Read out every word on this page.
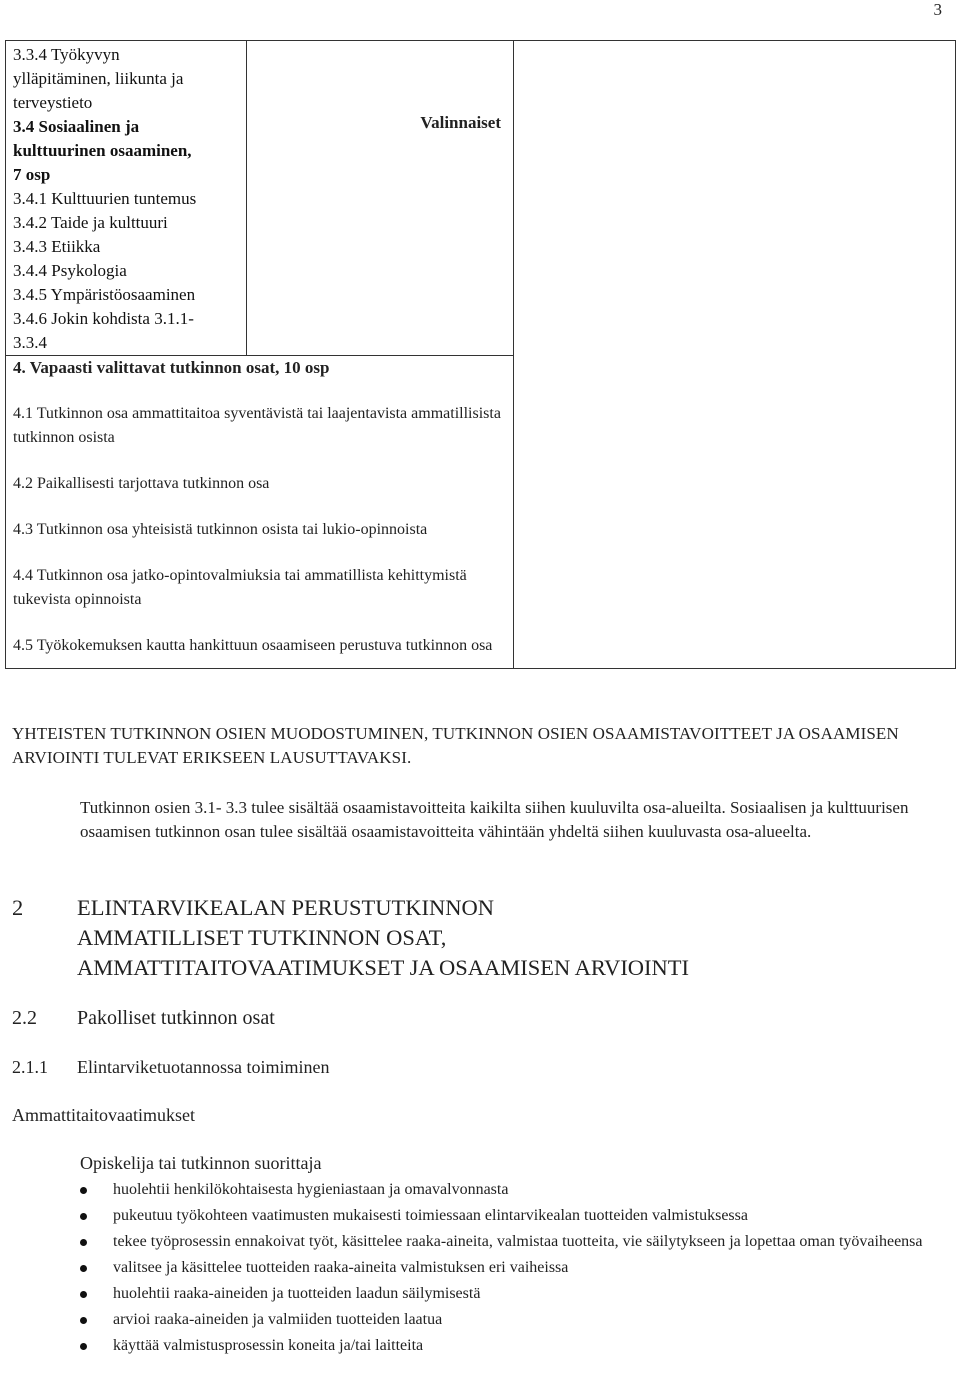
3
3.3.4 Työkyvyn
ylläpitäminen, liikunta ja
terveystieto
3.4 Sosiaalinen ja
kulttuurinen osaaminen,
7 osp
3.4.1 Kulttuurien tuntemus
3.4.2 Taide ja kulttuuri
3.4.3 Etiikka
3.4.4 Psykologia
3.4.5 Ympäristöosaaminen
3.4.6 Jokin kohdista 3.1.1-
3.3.4

Valinnaiset

4. Vapaasti valittavat tutkinnon osat, 10 osp
4.1 Tutkinnon osa ammattitaitoa syventävistä tai laajentavista ammatillisista tutkinnon osista
4.2 Paikallisesti tarjottava tutkinnon osa
4.3 Tutkinnon osa yhteisistä tutkinnon osista tai lukio-opinnoista
4.4 Tutkinnon osa jatko-opintovalmiuksia tai ammatillista kehittymistä tukevista opinnoista
4.5 Työkokemuksen kautta hankittuun osaamiseen perustuva tutkinnon osa
YHTEISTEN TUTKINNON OSIEN MUODOSTUMINEN, TUTKINNON OSIEN OSAAMISTAVOITTEET JA OSAAMISEN ARVIOINTI TULEVAT ERIKSEEN LAUSUTTAVAKSI.
Tutkinnon osien 3.1- 3.3 tulee sisältää osaamistavoitteita kaikilta siihen kuuluvilta osa-alueilta. Sosiaalisen ja kulttuurisen osaamisen tutkinnon osan tulee sisältää osaamistavoitteita vähintään yhdeltä siihen kuuluvasta osa-alueelta.
2 ELINTARVIKEALAN PERUSTUTKINNON
AMMATILLISET TUTKINNON OSAT,
AMMATTITAITOVAATIMUKSET JA OSAAMISEN ARVIOINTI
2.2 Pakolliset tutkinnon osat
2.1.1 Elintarviketuotannossa toimiminen
Ammattitaitovaatimukset
Opiskelija tai tutkinnon suorittaja
huolehtii henkilökohtaisesta hygieniastaan ja omavalvonnasta
pukeutuu työkohteen vaatimusten mukaisesti toimiessaan elintarvikealan tuotteiden valmistuksessa
tekee työprosessin ennakoivat työt, käsittelee raaka-aineita, valmistaa tuotteita, vie säilytykseen ja lopettaa oman työvaiheensa
valitsee ja käsittelee tuotteiden raaka-aineita valmistuksen eri vaiheissa
huolehtii raaka-aineiden ja tuotteiden laadun säilymisestä
arvioi raaka-aineiden ja valmiiden tuotteiden laatua
käyttää valmistusprosessin koneita ja/tai laitteita
